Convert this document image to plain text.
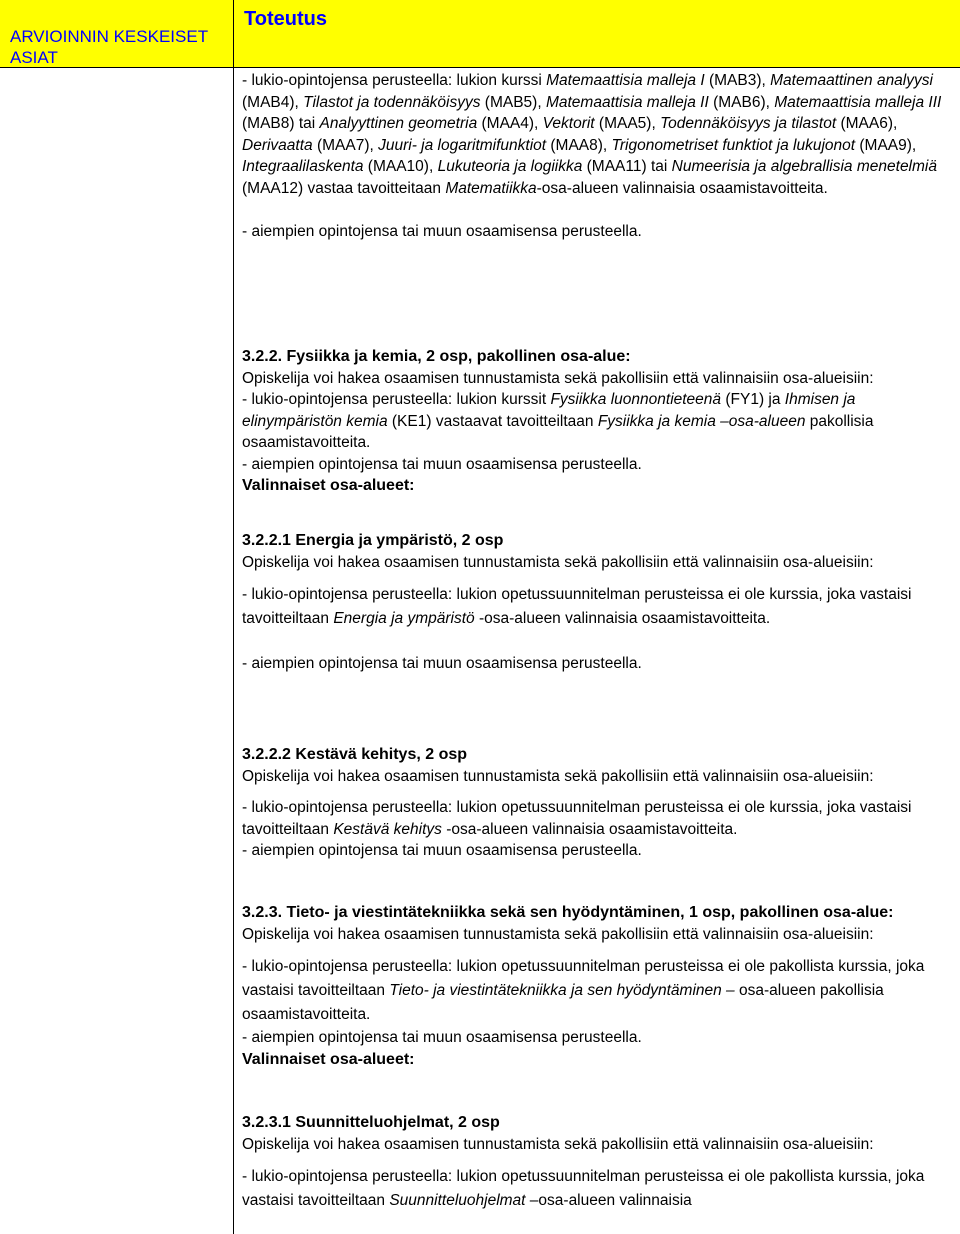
ARVIOINNIN KESKEISET ASIAT
Toteutus
- lukio-opintojensa perusteella: lukion kurssi Matemaattisia malleja I (MAB3), Matemaattinen analyysi (MAB4), Tilastot ja todennäköisyys (MAB5), Matemaattisia malleja II (MAB6), Matemaattisia malleja III (MAB8) tai Analyyttinen geometria (MAA4), Vektorit (MAA5), Todennäköisyys ja tilastot (MAA6), Derivaatta (MAA7), Juuri- ja logaritmifunktiot (MAA8), Trigonometriset funktiot ja lukujonot (MAA9), Integraalilaskenta (MAA10), Lukuteoria ja logiikka (MAA11) tai Numeerisia ja algebrallisia menetelmiä (MAA12) vastaa tavoitteitaan Matematiikka-osa-alueen valinnaisia osaamistavoitteita.
- aiempien opintojensa tai muun osaamisensa perusteella.
3.2.2. Fysiikka ja kemia, 2 osp, pakollinen osa-alue:
Opiskelija voi hakea osaamisen tunnustamista sekä pakollisiin että valinnaisiin osa-alueisiin:
- lukio-opintojensa perusteella: lukion kurssit Fysiikka luonnontieteenä (FY1) ja Ihmisen ja elinympäristön kemia (KE1) vastaavat tavoitteiltaan Fysiikka ja kemia –osa-alueen pakollisia osaamistavoitteita.
- aiempien opintojensa tai muun osaamisensa perusteella.
Valinnaiset osa-alueet:
3.2.2.1 Energia ja ympäristö, 2 osp
Opiskelija voi hakea osaamisen tunnustamista sekä pakollisiin että valinnaisiin osa-alueisiin:
- lukio-opintojensa perusteella: lukion opetussuunnitelman perusteissa ei ole kurssia, joka vastaisi tavoitteiltaan Energia ja ympäristö -osa-alueen valinnaisia osaamistavoitteita.
- aiempien opintojensa tai muun osaamisensa perusteella.
3.2.2.2 Kestävä kehitys, 2 osp
Opiskelija voi hakea osaamisen tunnustamista sekä pakollisiin että valinnaisiin osa-alueisiin:
- lukio-opintojensa perusteella: lukion opetussuunnitelman perusteissa ei ole kurssia, joka vastaisi tavoitteiltaan Kestävä kehitys -osa-alueen valinnaisia osaamistavoitteita.
- aiempien opintojensa tai muun osaamisensa perusteella.
3.2.3. Tieto- ja viestintätekniikka sekä sen hyödyntäminen, 1 osp, pakollinen osa-alue:
Opiskelija voi hakea osaamisen tunnustamista sekä pakollisiin että valinnaisiin osa-alueisiin:
- lukio-opintojensa perusteella: lukion opetussuunnitelman perusteissa ei ole pakollista kurssia, joka vastaisi tavoitteiltaan Tieto- ja viestintätekniikka ja sen hyödyntäminen – osa-alueen pakollisia osaamistavoitteita.
- aiempien opintojensa tai muun osaamisensa perusteella.
Valinnaiset osa-alueet:
3.2.3.1 Suunnitteluohjelmat, 2 osp
Opiskelija voi hakea osaamisen tunnustamista sekä pakollisiin että valinnaisiin osa-alueisiin:
- lukio-opintojensa perusteella: lukion opetussuunnitelman perusteissa ei ole pakollista kurssia, joka vastaisi tavoitteiltaan Suunnitteluohjelmat –osa-alueen valinnaisia
